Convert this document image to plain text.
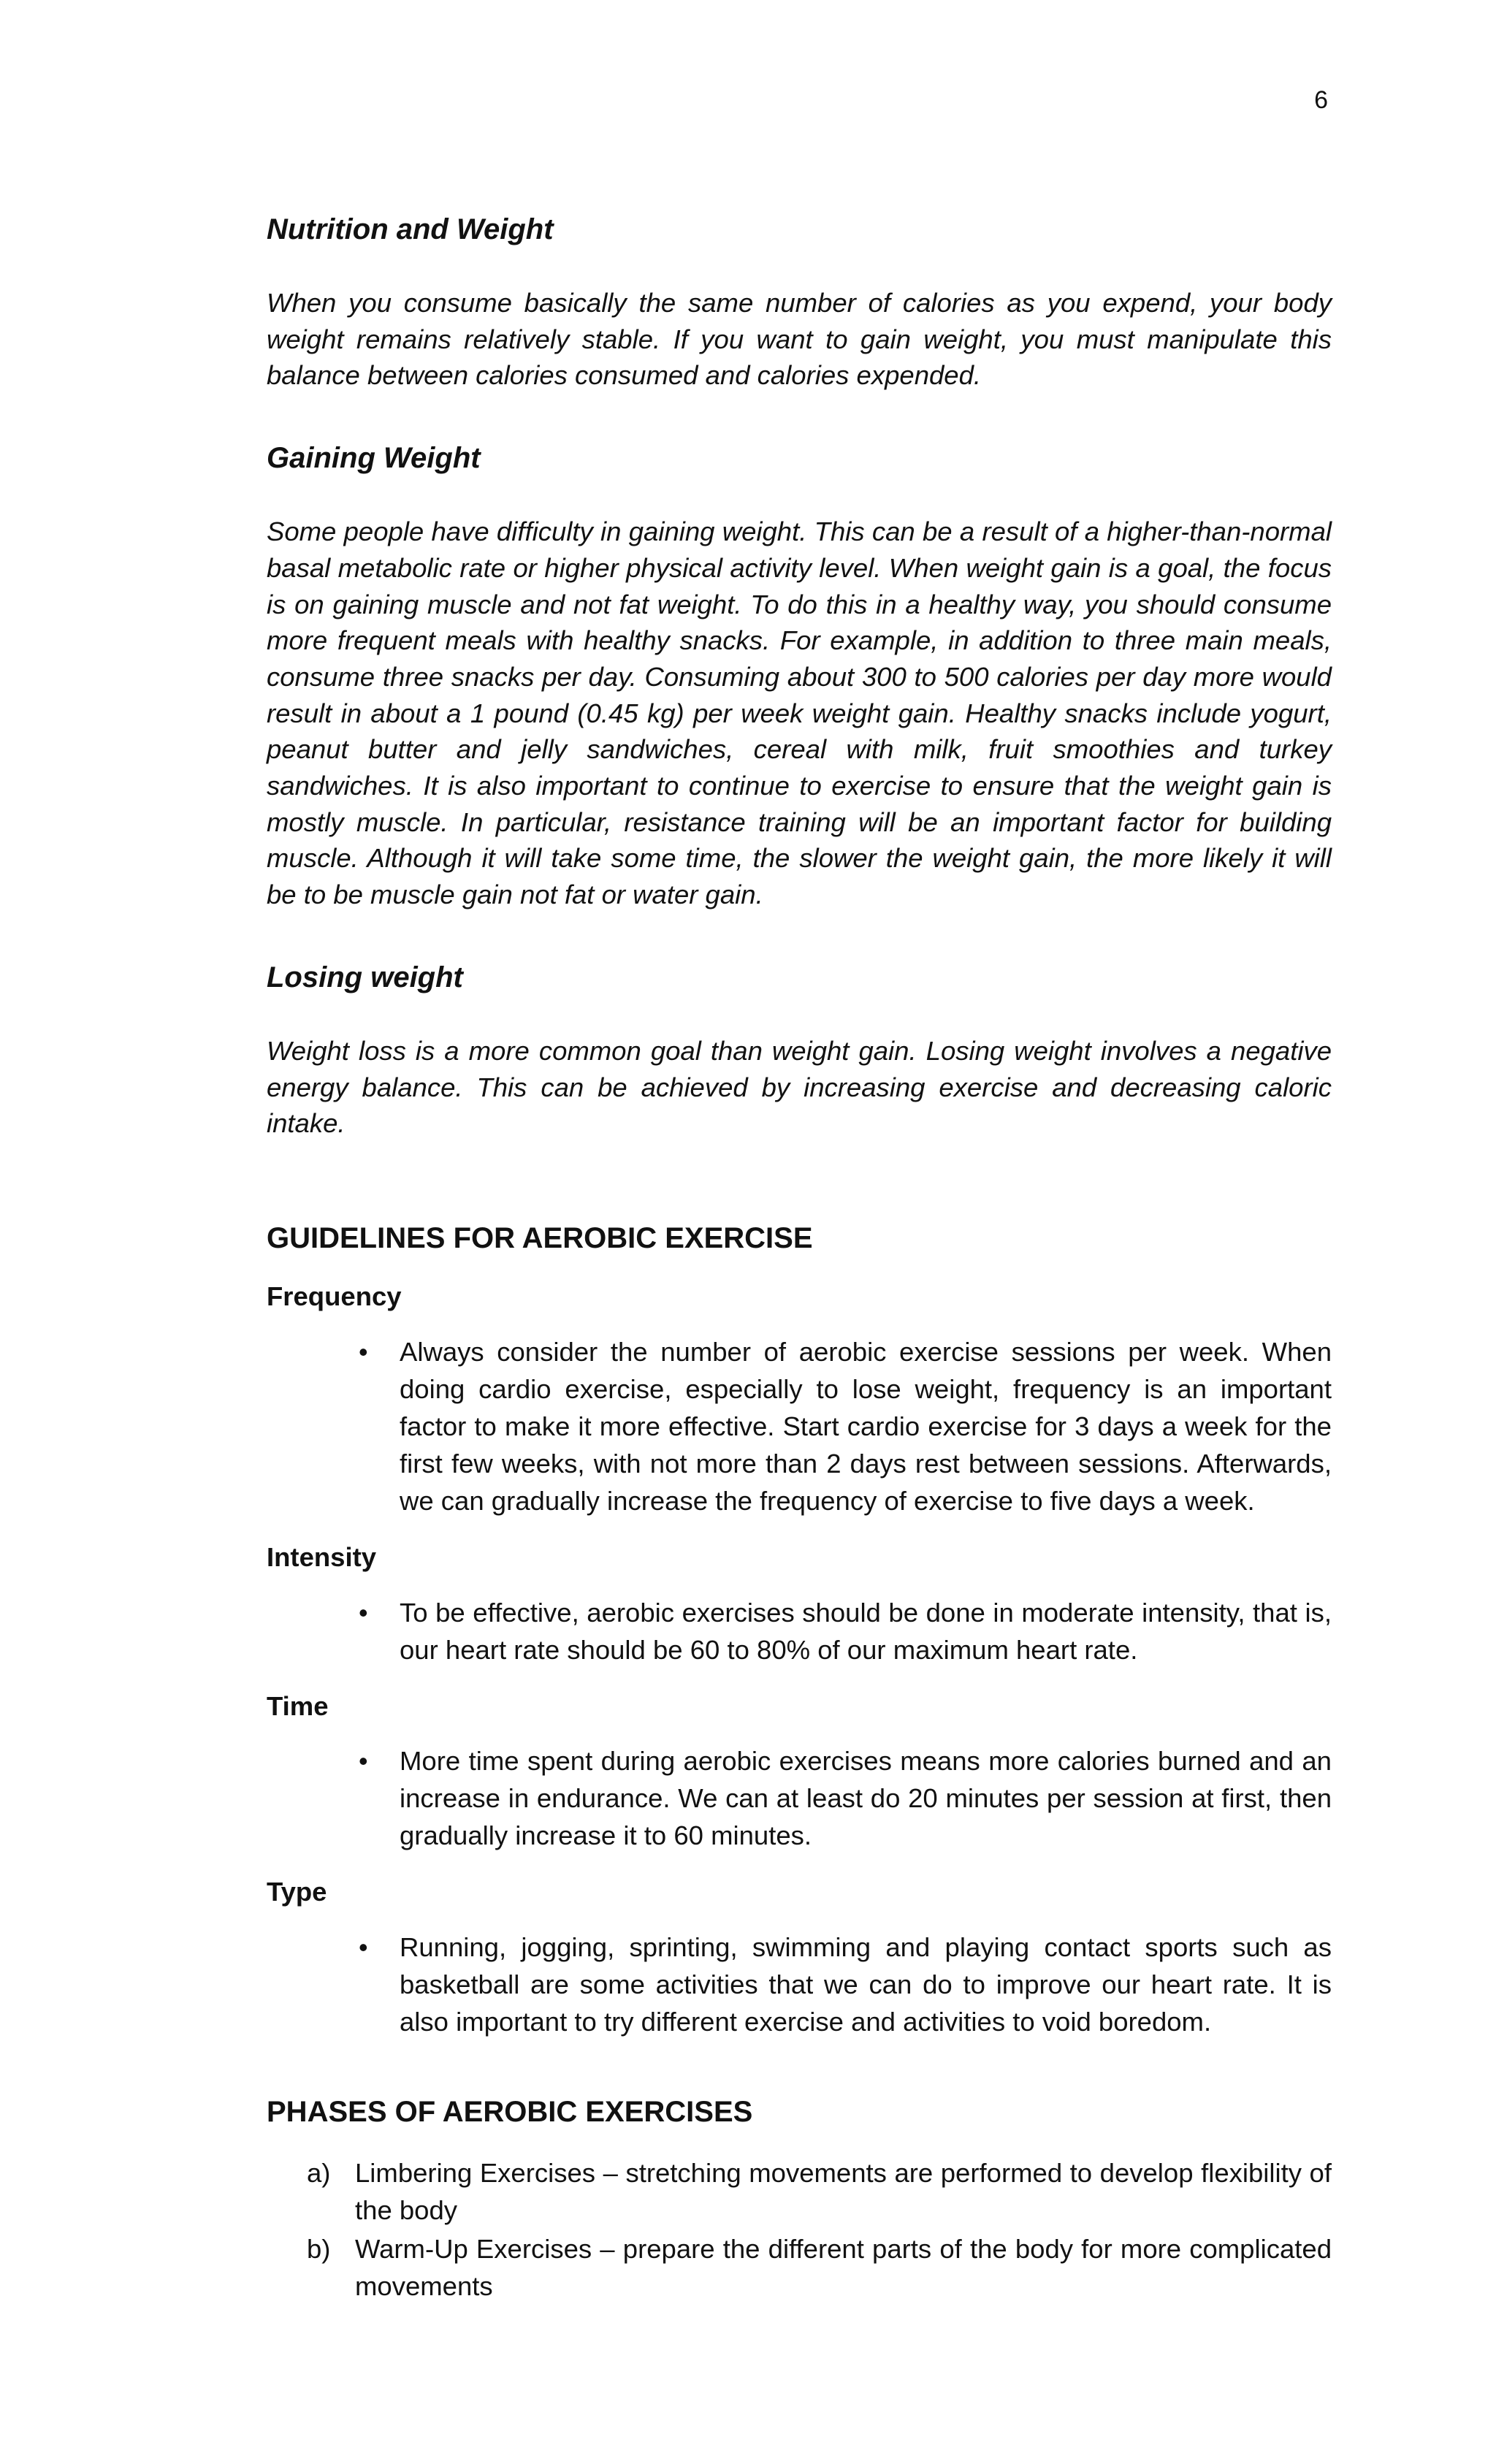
6
Nutrition and Weight

When you consume basically the same number of calories as you expend, your body weight remains relatively stable. If you want to gain weight, you must manipulate this balance between calories consumed and calories expended.

Gaining Weight

Some people have difficulty in gaining weight. This can be a result of a higher-than-normal basal metabolic rate or higher physical activity level. When weight gain is a goal, the focus is on gaining muscle and not fat weight. To do this in a healthy way, you should consume more frequent meals with healthy snacks. For example, in addition to three main meals, consume three snacks per day. Consuming about 300 to 500 calories per day more would result in about a 1 pound (0.45 kg) per week weight gain. Healthy snacks include yogurt, peanut butter and jelly sandwiches, cereal with milk, fruit smoothies and turkey sandwiches. It is also important to continue to exercise to ensure that the weight gain is mostly muscle. In particular, resistance training will be an important factor for building muscle. Although it will take some time, the slower the weight gain, the more likely it will be to be muscle gain not fat or water gain.

Losing weight

Weight loss is a more common goal than weight gain. Losing weight involves a negative energy balance. This can be achieved by increasing exercise and decreasing caloric intake.

GUIDELINES FOR AEROBIC EXERCISE
Frequency
• Always consider the number of aerobic exercise sessions per week. When doing cardio exercise, especially to lose weight, frequency is an important factor to make it more effective. Start cardio exercise for 3 days a week for the first few weeks, with not more than 2 days rest between sessions. Afterwards, we can gradually increase the frequency of exercise to five days a week.
Intensity
• To be effective, aerobic exercises should be done in moderate intensity, that is, our heart rate should be 60 to 80% of our maximum heart rate.
Time
• More time spent during aerobic exercises means more calories burned and an increase in endurance. We can at least do 20 minutes per session at first, then gradually increase it to 60 minutes.
Type
• Running, jogging, sprinting, swimming and playing contact sports such as basketball are some activities that we can do to improve our heart rate. It is also important to try different exercise and activities to void boredom.
PHASES OF AEROBIC EXERCISES
a) Limbering Exercises – stretching movements are performed to develop flexibility of the body
b) Warm-Up Exercises – prepare the different parts of the body for more complicated movements
